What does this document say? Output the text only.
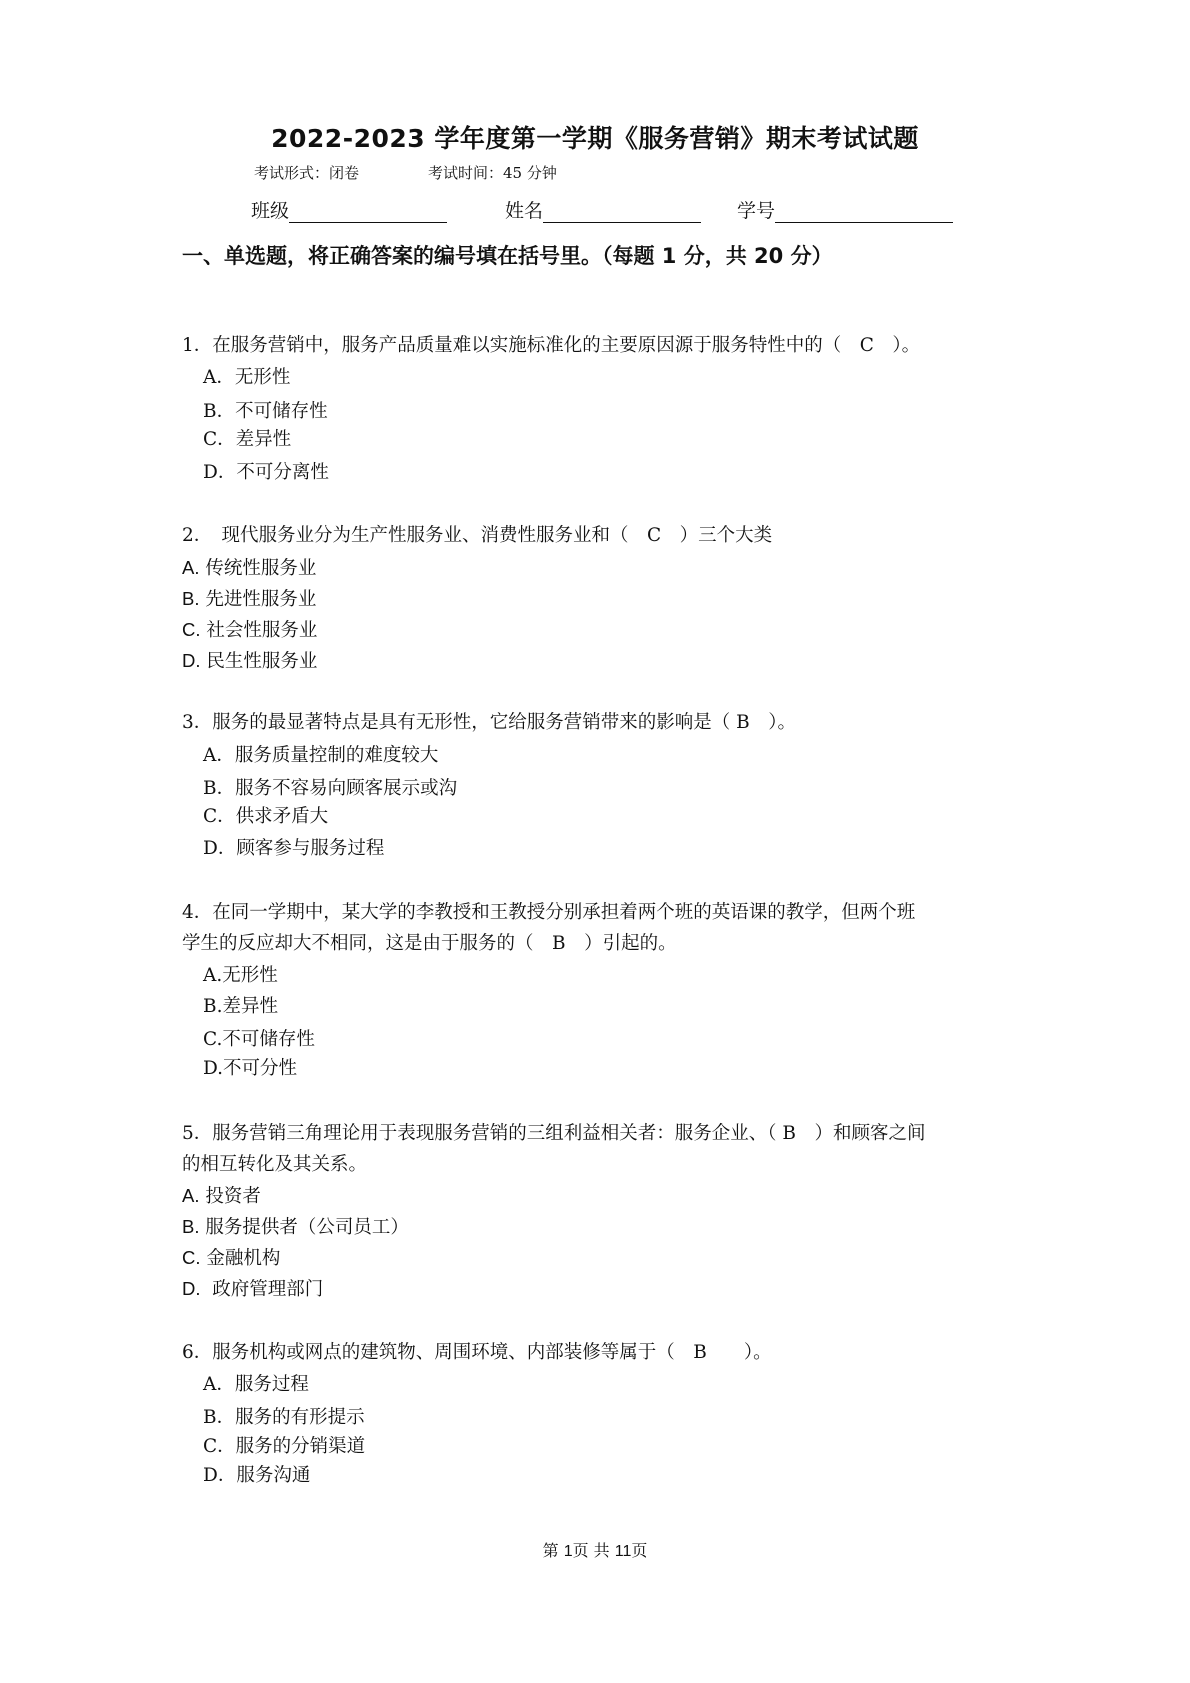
2022-2023 学年度第一学期《服务营销》期末考试试题
考试形式：闭卷	考试时间：45 分钟
班级	姓名	学号
一、单选题，将正确答案的编号填在括号里。（每题 1 分，共 20 分）
1．在服务营销中，服务产品质量难以实施标准化的主要原因源于服务特性中的（　C　）。
A．无形性
B．不可储存性
C．差异性
D．不可分离性
2．　现代服务业分为生产性服务业、消费性服务业和（　C　）三个大类
A. 传统性服务业
B. 先进性服务业
C. 社会性服务业
D. 民生性服务业
3．服务的最显著特点是具有无形性，它给服务营销带来的影响是（ B　）。
A．服务质量控制的难度较大
B．服务不容易向顾客展示或沟
C．供求矛盾大
D．顾客参与服务过程
4．在同一学期中，某大学的李教授和王教授分别承担着两个班的英语课的教学，但两个班
学生的反应却大不相同，这是由于服务的（　B　）引起的。
A.无形性
B.差异性
C.不可储存性
D.不可分性
5．服务营销三角理论用于表现服务营销的三组利益相关者：服务企业、（ B　）和顾客之间
的相互转化及其关系。
A. 投资者
B. 服务提供者（公司员工）
C. 金融机构
D. 政府管理部门
6．服务机构或网点的建筑物、周围环境、内部装修等属于（　B　　）。
A．服务过程
B．服务的有形提示
C．服务的分销渠道
D．服务沟通
第 1页 共 11页
